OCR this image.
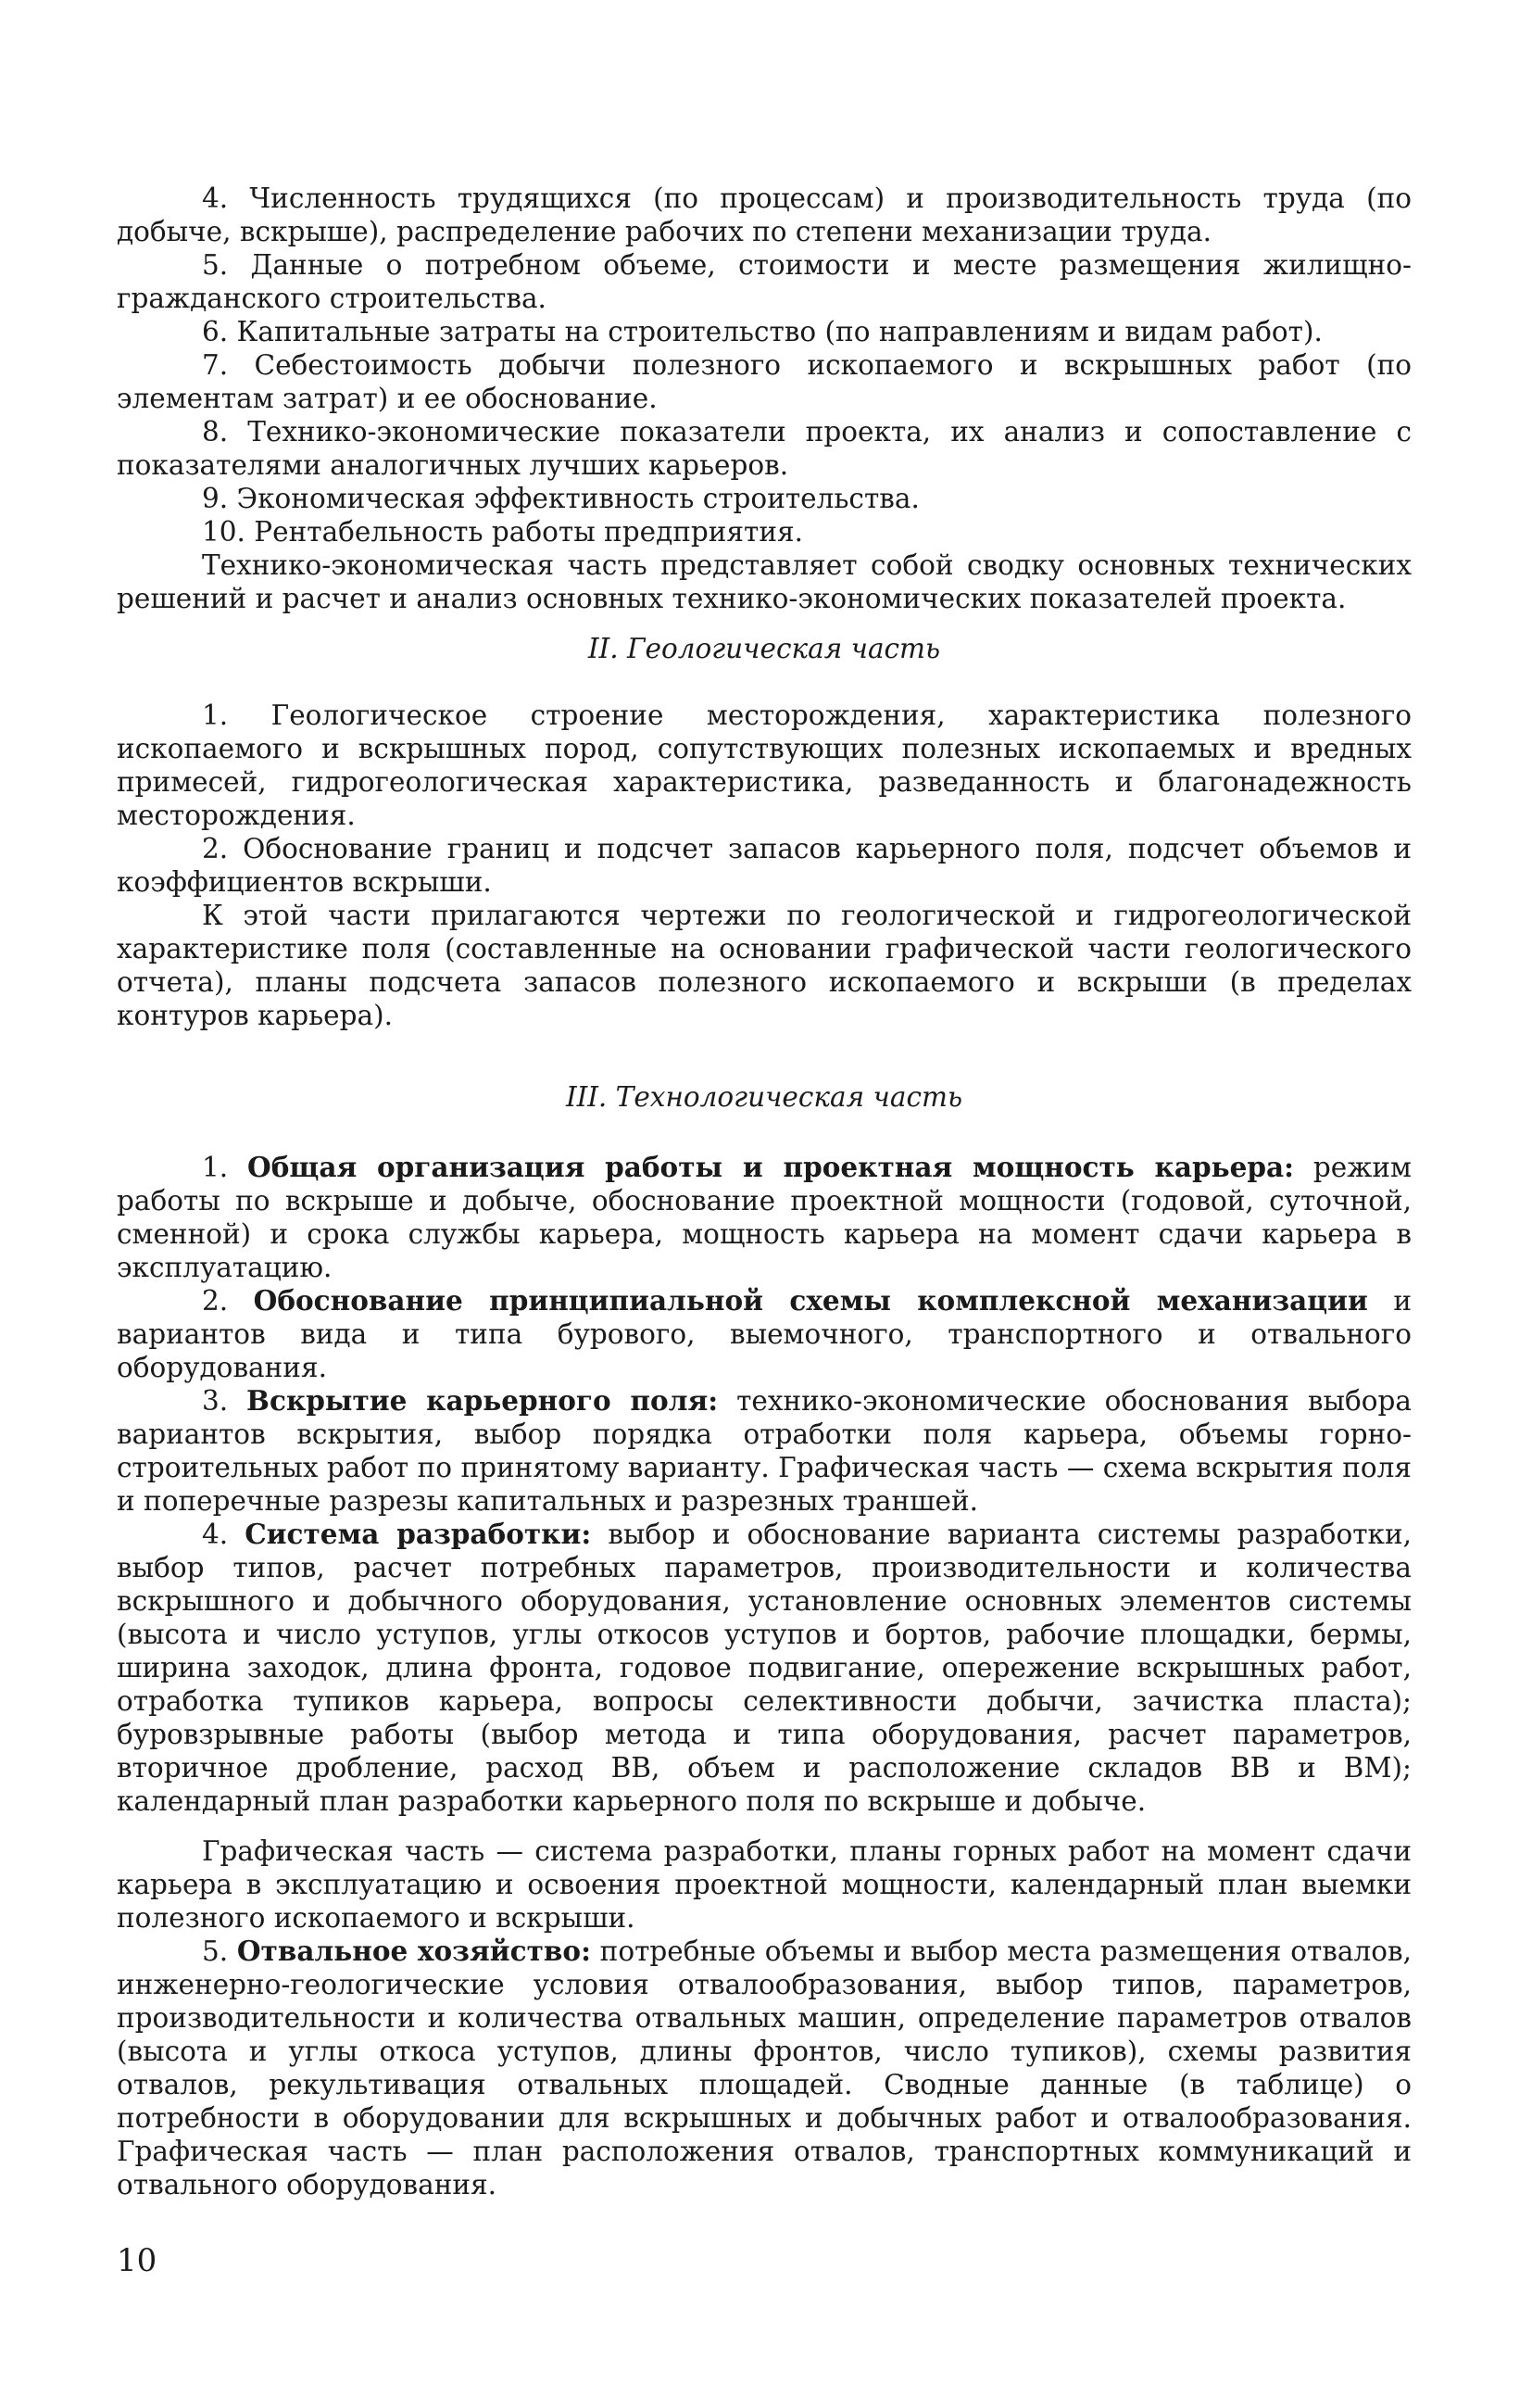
4. Численность трудящихся (по процессам) и производительность труда (по добыче, вскрыше), распределение рабочих по степени механизации труда.

5. Данные о потребном объеме, стоимости и месте размещения жилищно-гражданского строительства.

6. Капитальные затраты на строительство (по направлениям и видам работ).

7. Себестоимость добычи полезного ископаемого и вскрышных работ (по элементам затрат) и ее обоснование.

8. Технико-экономические показатели проекта, их анализ и сопоставление с показателями аналогичных лучших карьеров.

9. Экономическая эффективность строительства.

10. Рентабельность работы предприятия.

Технико-экономическая часть представляет собой сводку основных технических решений и расчет и анализ основных технико-экономических показателей проекта.

II. Геологическая часть

1. Геологическое строение месторождения, характеристика полезного ископаемого и вскрышных пород, сопутствующих полезных ископаемых и вредных примесей, гидрогеологическая характеристика, разведанность и благонадежность месторождения.

2. Обоснование границ и подсчет запасов карьерного поля, подсчет объемов и коэффициентов вскрыши.

К этой части прилагаются чертежи по геологической и гидрогеологической характеристике поля (составленные на основании графической части геологического отчета), планы подсчета запасов полезного ископаемого и вскрыши (в пределах контуров карьера).

III. Технологическая часть

1. Общая организация работы и проектная мощность карьера: режим работы по вскрыше и добыче, обоснование проектной мощности (годовой, суточной, сменной) и срока службы карьера, мощность карьера на момент сдачи карьера в эксплуатацию.

2. Обоснование принципиальной схемы комплексной механизации и вариантов вида и типа бурового, выемочного, транспортного и отвального оборудования.

3. Вскрытие карьерного поля: технико-экономические обоснования выбора вариантов вскрытия, выбор порядка отработки поля карьера, объемы горно-строительных работ по принятому варианту. Графическая часть — схема вскрытия поля и поперечные разрезы капитальных и разрезных траншей.

4. Система разработки: выбор и обоснование варианта системы разработки, выбор типов, расчет потребных параметров, производительности и количества вскрышного и добычного оборудования, установление основных элементов системы (высота и число уступов, углы откосов уступов и бортов, рабочие площадки, бермы, ширина заходок, длина фронта, годовое подвигание, опережение вскрышных работ, отработка тупиков карьера, вопросы селективности добычи, зачистка пласта); буровзрывные работы (выбор метода и типа оборудования, расчет параметров, вторичное дробление, расход ВВ, объем и расположение складов ВВ и ВМ); календарный план разработки карьерного поля по вскрыше и добыче.

Графическая часть — система разработки, планы горных работ на момент сдачи карьера в эксплуатацию и освоения проектной мощности, календарный план выемки полезного ископаемого и вскрыши.

5. Отвальное хозяйство: потребные объемы и выбор места размещения отвалов, инженерно-геологические условия отвалообразования, выбор типов, параметров, производительности и количества отвальных машин, определение параметров отвалов (высота и углы откоса уступов, длины фронтов, число тупиков), схемы развития отвалов, рекультивация отвальных площадей. Сводные данные (в таблице) о потребности в оборудовании для вскрышных и добычных работ и отвалообразования. Графическая часть — план расположения отвалов, транспортных коммуникаций и отвального оборудования.

10
